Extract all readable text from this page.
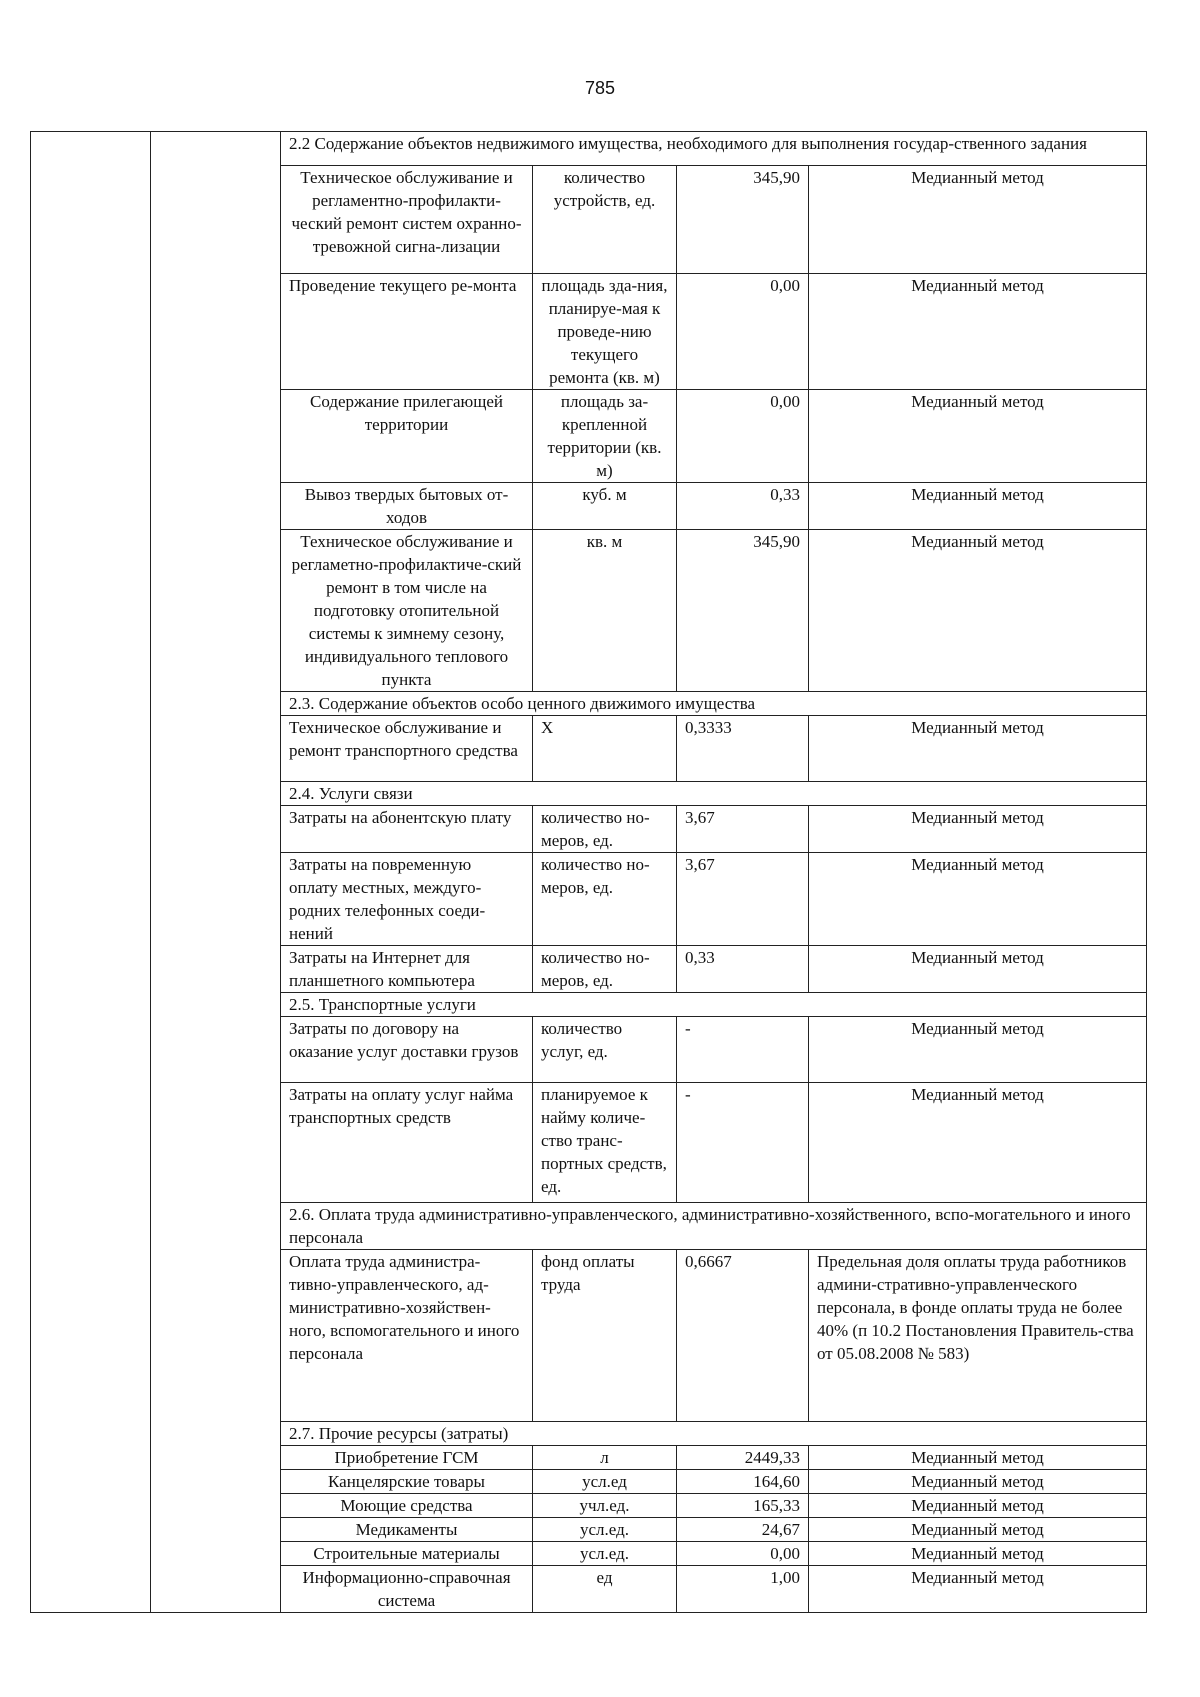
785
		2.2 Содержание объектов недвижимого имущества, необходимого для выполнения государ-ственного задания			
		Техническое обслуживание и регламентно-профилакти-ческий ремонт систем охранно-тревожной сигна-лизации	количество устройств, ед.	345,90	Медианный метод
		Проведение текущего ре-монта	площадь зда-ния, планируе-мая к проведе-нию текущего ремонта (кв. м)	0,00	Медианный метод
		Содержание прилегающей территории	площадь за-крепленной территории (кв. м)	0,00	Медианный метод
		Вывоз твердых бытовых от-ходов	куб. м	0,33	Медианный метод
		Техническое обслуживание и регламетно-профилактиче-ский ремонт в том числе на подготовку отопительной системы к зимнему сезону, индивидуального теплового пункта	кв. м	345,90	Медианный метод
		2.3. Содержание объектов особо ценного движимого имущества			
		Техническое обслуживание и ремонт транспортного средства	Х	0,3333	Медианный метод
		2.4. Услуги связи			
		Затраты на абонентскую плату	количество но-меров, ед.	3,67	Медианный метод
		Затраты на повременную оплату местных, междуго-родних телефонных соеди-нений	количество но-меров, ед.	3,67	Медианный метод
		Затраты на Интернет для планшетного компьютера	количество но-меров, ед.	0,33	Медианный метод
		2.5. Транспортные услуги			
		Затраты по договору на оказание услуг доставки грузов	количество услуг, ед.	-	Медианный метод
		Затраты на оплату услуг найма транспортных средств	планируемое к найму количе-ство транс-портных средств, ед.	-	Медианный метод
		2.6. Оплата труда административно-управленческого, административно-хозяйственного, вспо-могательного и иного персонала			
		Оплата труда администра-тивно-управленческого, ад-министративно-хозяйствен-ного, вспомогательного и иного персонала	фонд оплаты труда	0,6667	Предельная доля оплаты труда работников админи-стративно-управленческого персонала, в фонде оплаты труда не более 40% (п 10.2 Постановления Правитель-ства от 05.08.2008 № 583)
		2.7. Прочие ресурсы (затраты)			
		Приобретение ГСМ	л	2449,33	Медианный метод
		Канцелярские товары	усл.ед	164,60	Медианный метод
		Моющие средства	учл.ед.	165,33	Медианный метод
		Медикаменты	усл.ед.	24,67	Медианный метод
		Строительные материалы	усл.ед.	0,00	Медианный метод
		Информационно-справочная система	ед	1,00	Медианный метод
